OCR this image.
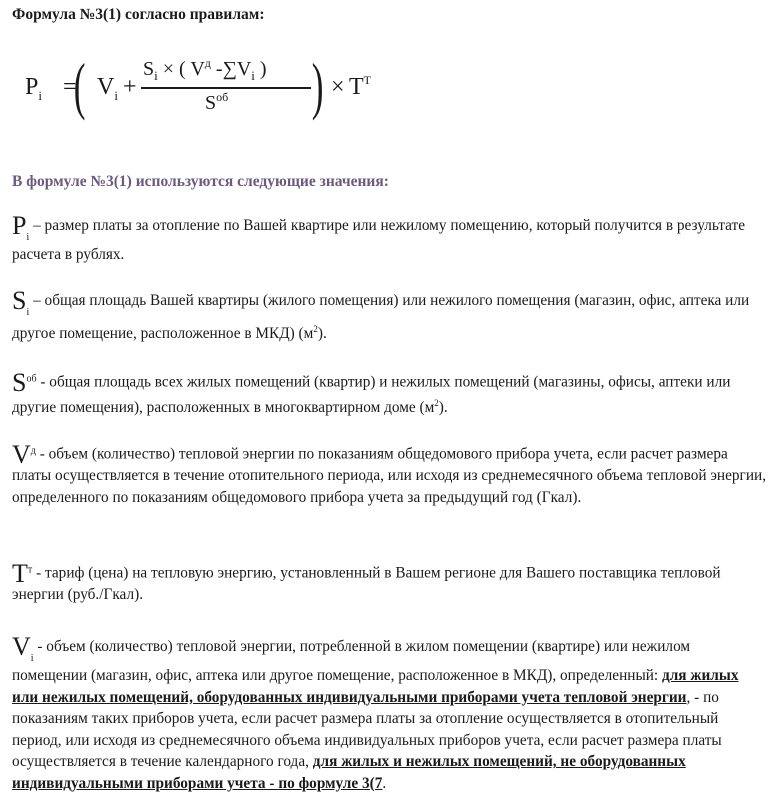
Формула №3(1) согласно правилам:
$P_i$ =
( $V_i$ +
$S_i$ × ( $V^д$ $-\sum V_i$ )
$S^{об}$ ) × $T^T$
В формуле №3(1) используются следующие значения:
$P_i$ – размер платы за отопление по Вашей квартире или нежилому помещению, который получится в результате расчета в рублях.
$S_i$ – общая площадь Вашей квартиры (жилого помещения) или нежилого помещения (магазин, офис, аптека или другое помещение, расположенное в МКД) $(м^2)$.
$S^{об}$ - общая площадь всех жилых помещений (квартир) и нежилых помещений (магазины, офисы, аптеки или другие помещения), расположенных в многоквартирном доме $(м^2)$.
$V^д$ - объем (количество) тепловой энергии по показаниям общедомового прибора учета, если расчет размера платы осуществляется в течение отопительного периода, или исходя из среднемесячного объема тепловой энергии, определенного по показаниям общедомового прибора учета за предыдущий год (Гкал).
$T^т$ - тариф (цена) на тепловую энергию, установленный в Вашем регионе для Вашего поставщика тепловой энергии (руб./Гкал).
$V_i$ - объем (количество) тепловой энергии, потребленной в жилом помещении (квартире) или нежилом помещении (магазин, офис, аптека или другое помещение, расположенное в МКД), определенный: для жилых или нежилых помещений, оборудованных индивидуальными приборами учета тепловой энергии, - по показаниям таких приборов учета, если расчет размера платы за отопление осуществляется в отопительный период, или исходя из среднемесячного объема индивидуальных приборов учета, если расчет размера платы осуществляется в течение календарного года, для жилых и нежилых помещений, не оборудованных индивидуальными приборами учета - по формуле 3(7.
